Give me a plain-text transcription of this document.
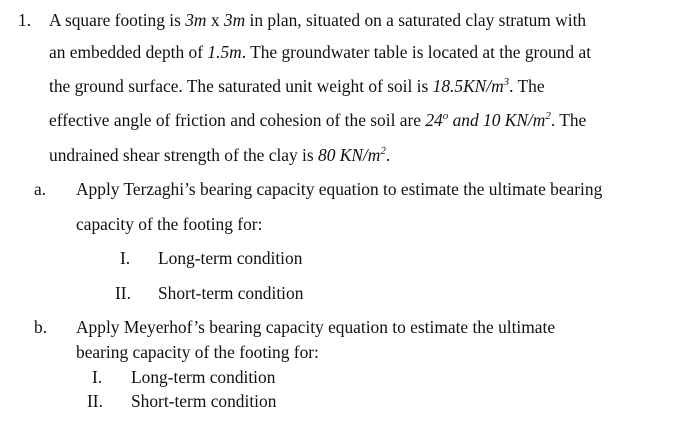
1. A square footing is 3m x 3m in plan, situated on a saturated clay stratum with
an embedded depth of 1.5m. The groundwater table is located at the ground at
the ground surface. The saturated unit weight of soil is $18.5KN/m^3$. The
effective angle of friction and cohesion of the soil are 24$^o$ and 10 $KN/m^2$. The
undrained shear strength of the clay is 80 $KN/m^2$.
a. Apply Terzaghi’s bearing capacity equation to estimate the ultimate bearing
capacity of the footing for:
I. Long-term condition
II. Short-term condition
b. Apply Meyerhof’s bearing capacity equation to estimate the ultimate
bearing capacity of the footing for:
I. Long-term condition
II. Short-term condition
